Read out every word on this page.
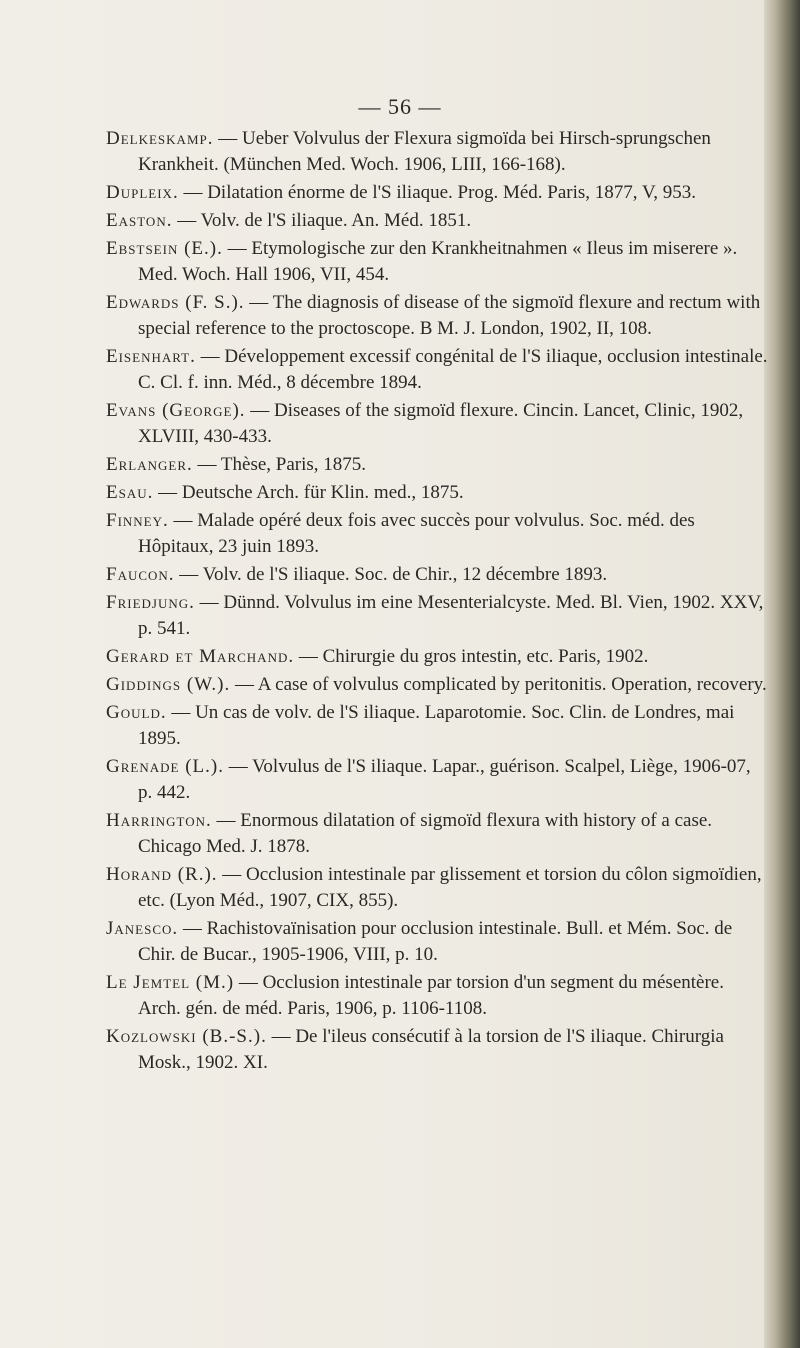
— 56 —

Delkeskamp. — Ueber Volvulus der Flexura sigmoïda bei Hirsch-sprungschen Krankheit. (München Med. Woch. 1906, LIII, 166-168).

Dupleix. — Dilatation énorme de l'S iliaque. Prog. Méd. Paris, 1877, V, 953.

Easton. — Volv. de l'S iliaque. An. Méd. 1851.

Ebstsein (E.). — Etymologische zur den Krankheitnahmen « Ileus im miserere ». Med. Woch. Hall 1906, VII, 454.

Edwards (F. S.). — The diagnosis of disease of the sigmoïd flexure and rectum with special reference to the proctoscope. B M. J. London, 1902, II, 108.

Eisenhart. — Développement excessif congénital de l'S iliaque, occlusion intestinale. C. Cl. f. inn. Méd., 8 décembre 1894.

Evans (George). — Diseases of the sigmoïd flexure. Cincin. Lancet, Clinic, 1902, XLVIII, 430-433.

Erlanger. — Thèse, Paris, 1875.

Esau. — Deutsche Arch. für Klin. med., 1875.

Finney. — Malade opéré deux fois avec succès pour volvulus. Soc. méd. des Hôpitaux, 23 juin 1893.

Faucon. — Volv. de l'S iliaque. Soc. de Chir., 12 décembre 1893.

Friedjung. — Dünnd. Volvulus im eine Mesenterialcyste. Med. Bl. Vien, 1902. XXV, p. 541.

Gerard et Marchand. — Chirurgie du gros intestin, etc. Paris, 1902.

Giddings (W.). — A case of volvulus complicated by peritonitis. Operation, recovery.

Gould. — Un cas de volv. de l'S iliaque. Laparotomie. Soc. Clin. de Londres, mai 1895.

Grenade (L.). — Volvulus de l'S iliaque. Lapar., guérison. Scalpel, Liège, 1906-07, p. 442.

Harrington. — Enormous dilatation of sigmoïd flexura with history of a case. Chicago Med. J. 1878.

Horand (R.). — Occlusion intestinale par glissement et torsion du côlon sigmoïdien, etc. (Lyon Méd., 1907, CIX, 855).

Janesco. — Rachistovaïnisation pour occlusion intestinale. Bull. et Mém. Soc. de Chir. de Bucar., 1905-1906, VIII, p. 10.

Le Jemtel (M.) — Occlusion intestinale par torsion d'un segment du mésentère. Arch. gén. de méd. Paris, 1906, p. 1106-1108.

Kozlowski (B.-S.). — De l'ileus consécutif à la torsion de l'S iliaque. Chirurgia Mosk., 1902. XI.
